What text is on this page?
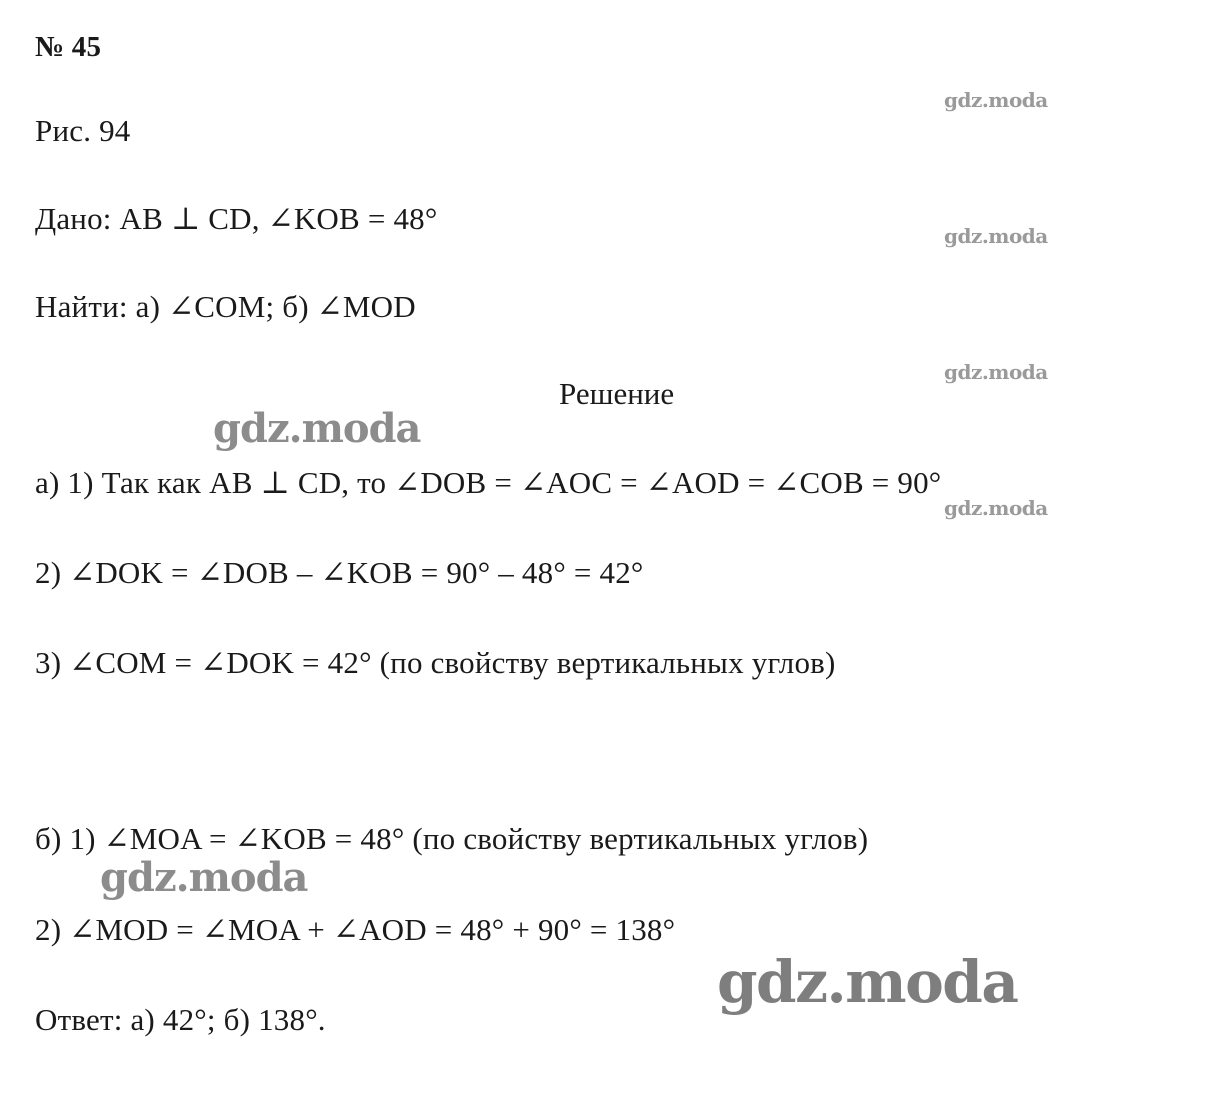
№ 45
gdz.moda
Рис. 94
Дано: AB ⊥ CD, ∠KOB = 48°	gdz.moda
Найти: а) ∠COM; б) ∠MOD
gdz.moda
Решение
gdz.moda
а) 1) Так как AB ⊥ CD, то ∠DOB = ∠AOC = ∠AOD = ∠COB = 90°
gdz.moda
2) ∠DOK = ∠DOB – ∠KOB = 90° – 48° = 42°
3) ∠COM = ∠DOK = 42° (по свойству вертикальных углов)
б) 1) ∠MOA = ∠KOB = 48° (по свойству вертикальных углов)
gdz.moda
2) ∠MOD = ∠MOA + ∠AOD = 48° + 90° = 138°
gdz.moda
Ответ: а) 42°; б) 138°.
